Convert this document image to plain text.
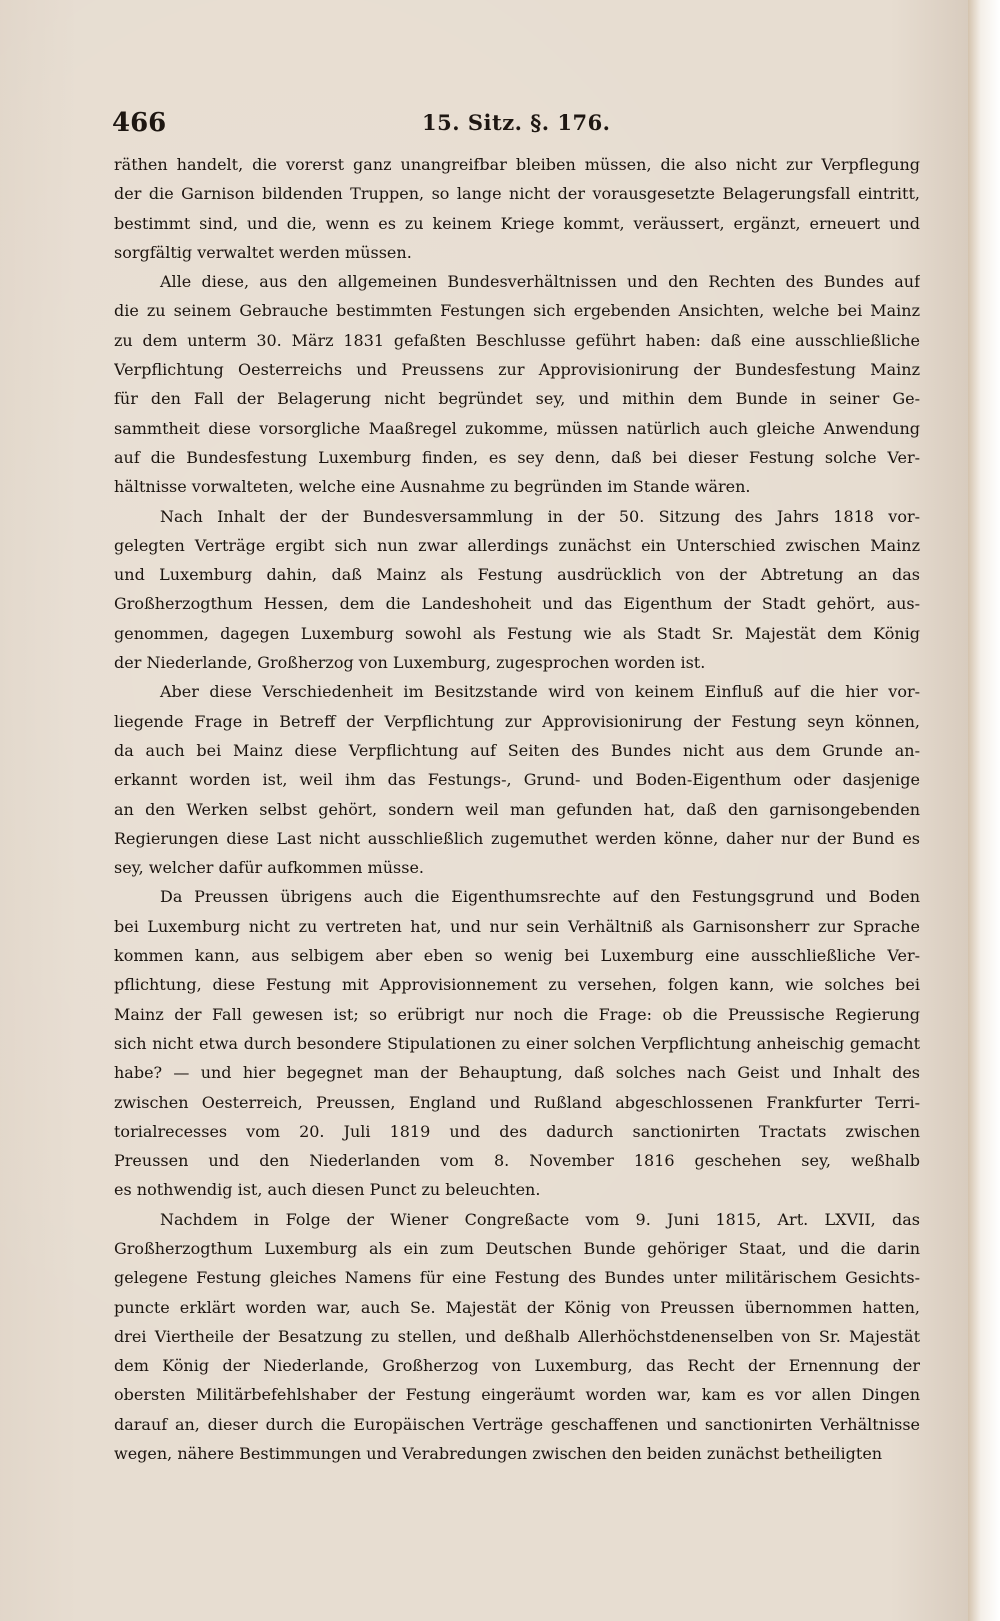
466	15. Sitz. §. 176.
räthen handelt, die vorerst ganz unangreifbar bleiben müssen, die also nicht zur Verpflegung
der die Garnison bildenden Truppen, so lange nicht der vorausgesetzte Belagerungsfall eintritt,
bestimmt sind, und die, wenn es zu keinem Kriege kommt, veräussert, ergänzt, erneuert und
sorgfältig verwaltet werden müssen.
Alle diese, aus den allgemeinen Bundesverhältnissen und den Rechten des Bundes auf
die zu seinem Gebrauche bestimmten Festungen sich ergebenden Ansichten, welche bei Mainz
zu dem unterm 30. März 1831 gefaßten Beschlusse geführt haben: daß eine ausschließliche
Verpflichtung Oesterreichs und Preussens zur Approvisionirung der Bundesfestung Mainz
für den Fall der Belagerung nicht begründet sey, und mithin dem Bunde in seiner Ge-
sammtheit diese vorsorgliche Maaßregel zukomme, müssen natürlich auch gleiche Anwendung
auf die Bundesfestung Luxemburg finden, es sey denn, daß bei dieser Festung solche Ver-
hältnisse vorwalteten, welche eine Ausnahme zu begründen im Stande wären.
Nach Inhalt der der Bundesversammlung in der 50. Sitzung des Jahrs 1818 vor-
gelegten Verträge ergibt sich nun zwar allerdings zunächst ein Unterschied zwischen Mainz
und Luxemburg dahin, daß Mainz als Festung ausdrücklich von der Abtretung an das
Großherzogthum Hessen, dem die Landeshoheit und das Eigenthum der Stadt gehört, aus-
genommen, dagegen Luxemburg sowohl als Festung wie als Stadt Sr. Majestät dem König
der Niederlande, Großherzog von Luxemburg, zugesprochen worden ist.
Aber diese Verschiedenheit im Besitzstande wird von keinem Einfluß auf die hier vor-
liegende Frage in Betreff der Verpflichtung zur Approvisionirung der Festung seyn können,
da auch bei Mainz diese Verpflichtung auf Seiten des Bundes nicht aus dem Grunde an-
erkannt worden ist, weil ihm das Festungs-, Grund- und Boden-Eigenthum oder dasjenige
an den Werken selbst gehört, sondern weil man gefunden hat, daß den garnisongebenden
Regierungen diese Last nicht ausschließlich zugemuthet werden könne, daher nur der Bund es
sey, welcher dafür aufkommen müsse.
Da Preussen übrigens auch die Eigenthumsrechte auf den Festungsgrund und Boden
bei Luxemburg nicht zu vertreten hat, und nur sein Verhältniß als Garnisonsherr zur Sprache
kommen kann, aus selbigem aber eben so wenig bei Luxemburg eine ausschließliche Ver-
pflichtung, diese Festung mit Approvisionnement zu versehen, folgen kann, wie solches bei
Mainz der Fall gewesen ist; so erübrigt nur noch die Frage: ob die Preussische Regierung
sich nicht etwa durch besondere Stipulationen zu einer solchen Verpflichtung anheischig gemacht
habe? — und hier begegnet man der Behauptung, daß solches nach Geist und Inhalt des
zwischen Oesterreich, Preussen, England und Rußland abgeschlossenen Frankfurter Terri-
torialrecesses vom 20. Juli 1819 und des dadurch sanctionirten Tractats zwischen
Preussen und den Niederlanden vom 8. November 1816 geschehen sey, weßhalb
es nothwendig ist, auch diesen Punct zu beleuchten.
Nachdem in Folge der Wiener Congreßacte vom 9. Juni 1815, Art. LXVII, das
Großherzogthum Luxemburg als ein zum Deutschen Bunde gehöriger Staat, und die darin
gelegene Festung gleiches Namens für eine Festung des Bundes unter militärischem Gesichts-
puncte erklärt worden war, auch Se. Majestät der König von Preussen übernommen hatten,
drei Viertheile der Besatzung zu stellen, und deßhalb Allerhöchstdenenselben von Sr. Majestät
dem König der Niederlande, Großherzog von Luxemburg, das Recht der Ernennung der
obersten Militärbefehlshaber der Festung eingeräumt worden war, kam es vor allen Dingen
darauf an, dieser durch die Europäischen Verträge geschaffenen und sanctionirten Verhältnisse
wegen, nähere Bestimmungen und Verabredungen zwischen den beiden zunächst betheiligten
